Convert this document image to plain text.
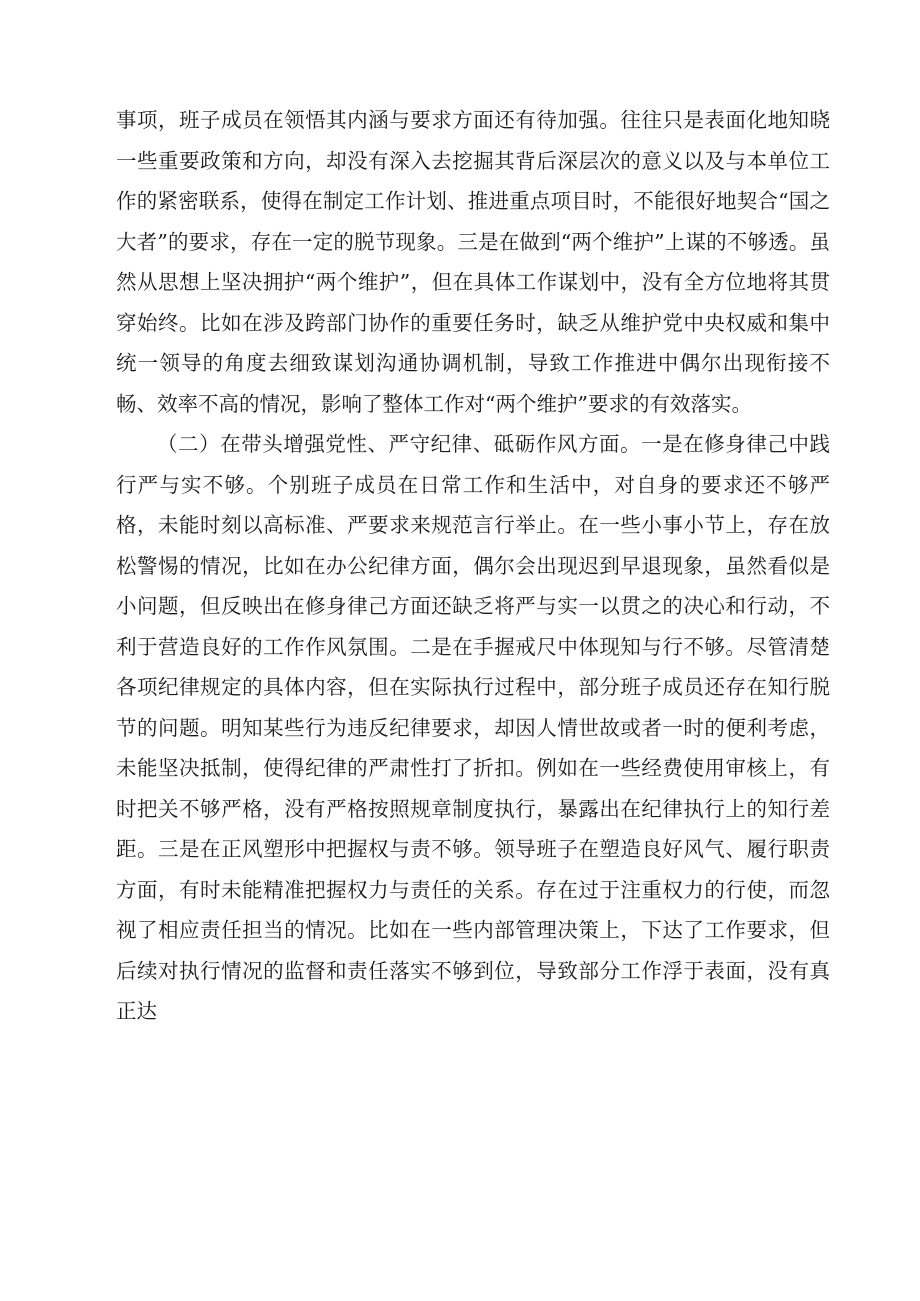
事项，班子成员在领悟其内涵与要求方面还有待加强。往往只是表面化地知晓一些重要政策和方向，却没有深入去挖掘其背后深层次的意义以及与本单位工作的紧密联系，使得在制定工作计划、推进重点项目时，不能很好地契合“国之大者”的要求，存在一定的脱节现象。三是在做到“两个维护”上谋的不够透。虽然从思想上坚决拥护“两个维护”，但在具体工作谋划中，没有全方位地将其贯穿始终。比如在涉及跨部门协作的重要任务时，缺乏从维护党中央权威和集中统一领导的角度去细致谋划沟通协调机制，导致工作推进中偶尔出现衔接不畅、效率不高的情况，影响了整体工作对“两个维护”要求的有效落实。

（二）在带头增强党性、严守纪律、砥砺作风方面。一是在修身律己中践行严与实不够。个别班子成员在日常工作和生活中，对自身的要求还不够严格，未能时刻以高标准、严要求来规范言行举止。在一些小事小节上，存在放松警惕的情况，比如在办公纪律方面，偶尔会出现迟到早退现象，虽然看似是小问题，但反映出在修身律己方面还缺乏将严与实一以贯之的决心和行动，不利于营造良好的工作作风氛围。二是在手握戒尺中体现知与行不够。尽管清楚各项纪律规定的具体内容，但在实际执行过程中，部分班子成员还存在知行脱节的问题。明知某些行为违反纪律要求，却因人情世故或者一时的便利考虑，未能坚决抵制，使得纪律的严肃性打了折扣。例如在一些经费使用审核上，有时把关不够严格，没有严格按照规章制度执行，暴露出在纪律执行上的知行差距。三是在正风塑形中把握权与责不够。领导班子在塑造良好风气、履行职责方面，有时未能精准把握权力与责任的关系。存在过于注重权力的行使，而忽视了相应责任担当的情况。比如在一些内部管理决策上，下达了工作要求，但后续对执行情况的监督和责任落实不够到位，导致部分工作浮于表面，没有真正达
